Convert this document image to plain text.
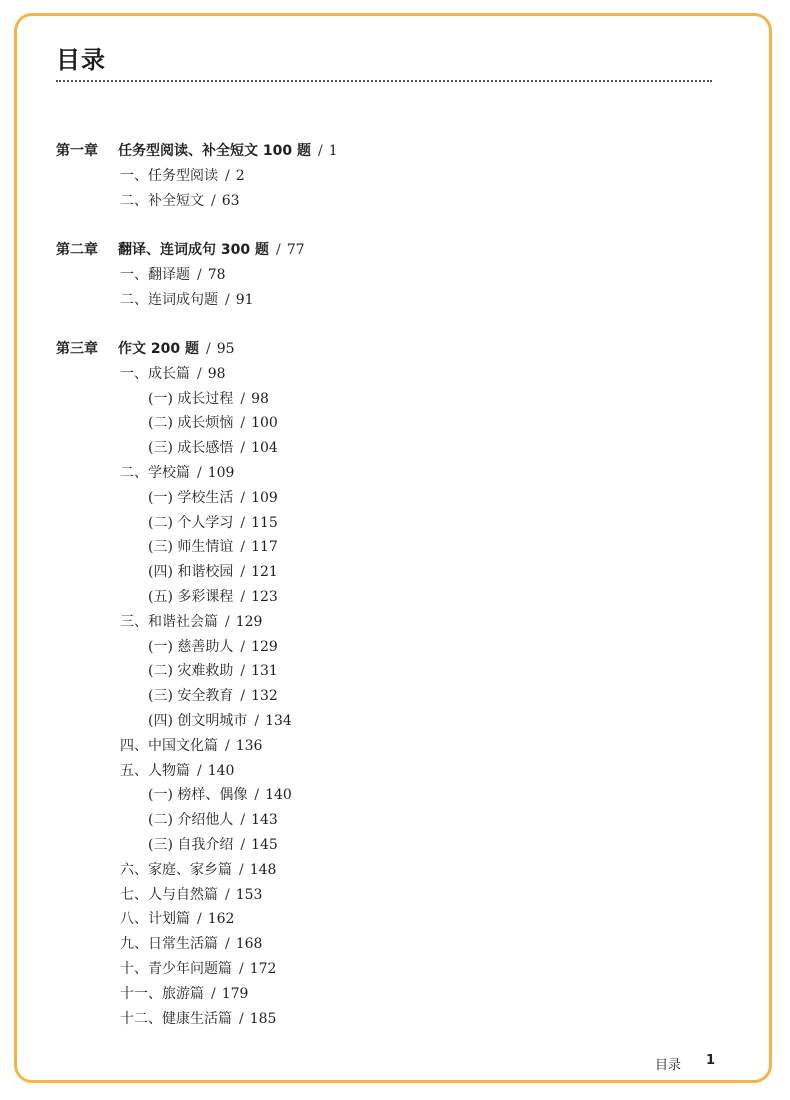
目录
第一章 任务型阅读、补全短文 100 题 / 1
一、任务型阅读 / 2
二、补全短文 / 63
第二章 翻译、连词成句 300 题 / 77
一、翻译题 / 78
二、连词成句题 / 91
第三章 作文 200 题 / 95
一、成长篇 / 98
(一) 成长过程 / 98
(二) 成长烦恼 / 100
(三) 成长感悟 / 104
二、学校篇 / 109
(一) 学校生活 / 109
(二) 个人学习 / 115
(三) 师生情谊 / 117
(四) 和谐校园 / 121
(五) 多彩课程 / 123
三、和谐社会篇 / 129
(一) 慈善助人 / 129
(二) 灾难救助 / 131
(三) 安全教育 / 132
(四) 创文明城市 / 134
四、中国文化篇 / 136
五、人物篇 / 140
(一) 榜样、偶像 / 140
(二) 介绍他人 / 143
(三) 自我介绍 / 145
六、家庭、家乡篇 / 148
七、人与自然篇 / 153
八、计划篇 / 162
九、日常生活篇 / 168
十、青少年问题篇 / 172
十一、旅游篇 / 179
十二、健康生活篇 / 185
目录 1
